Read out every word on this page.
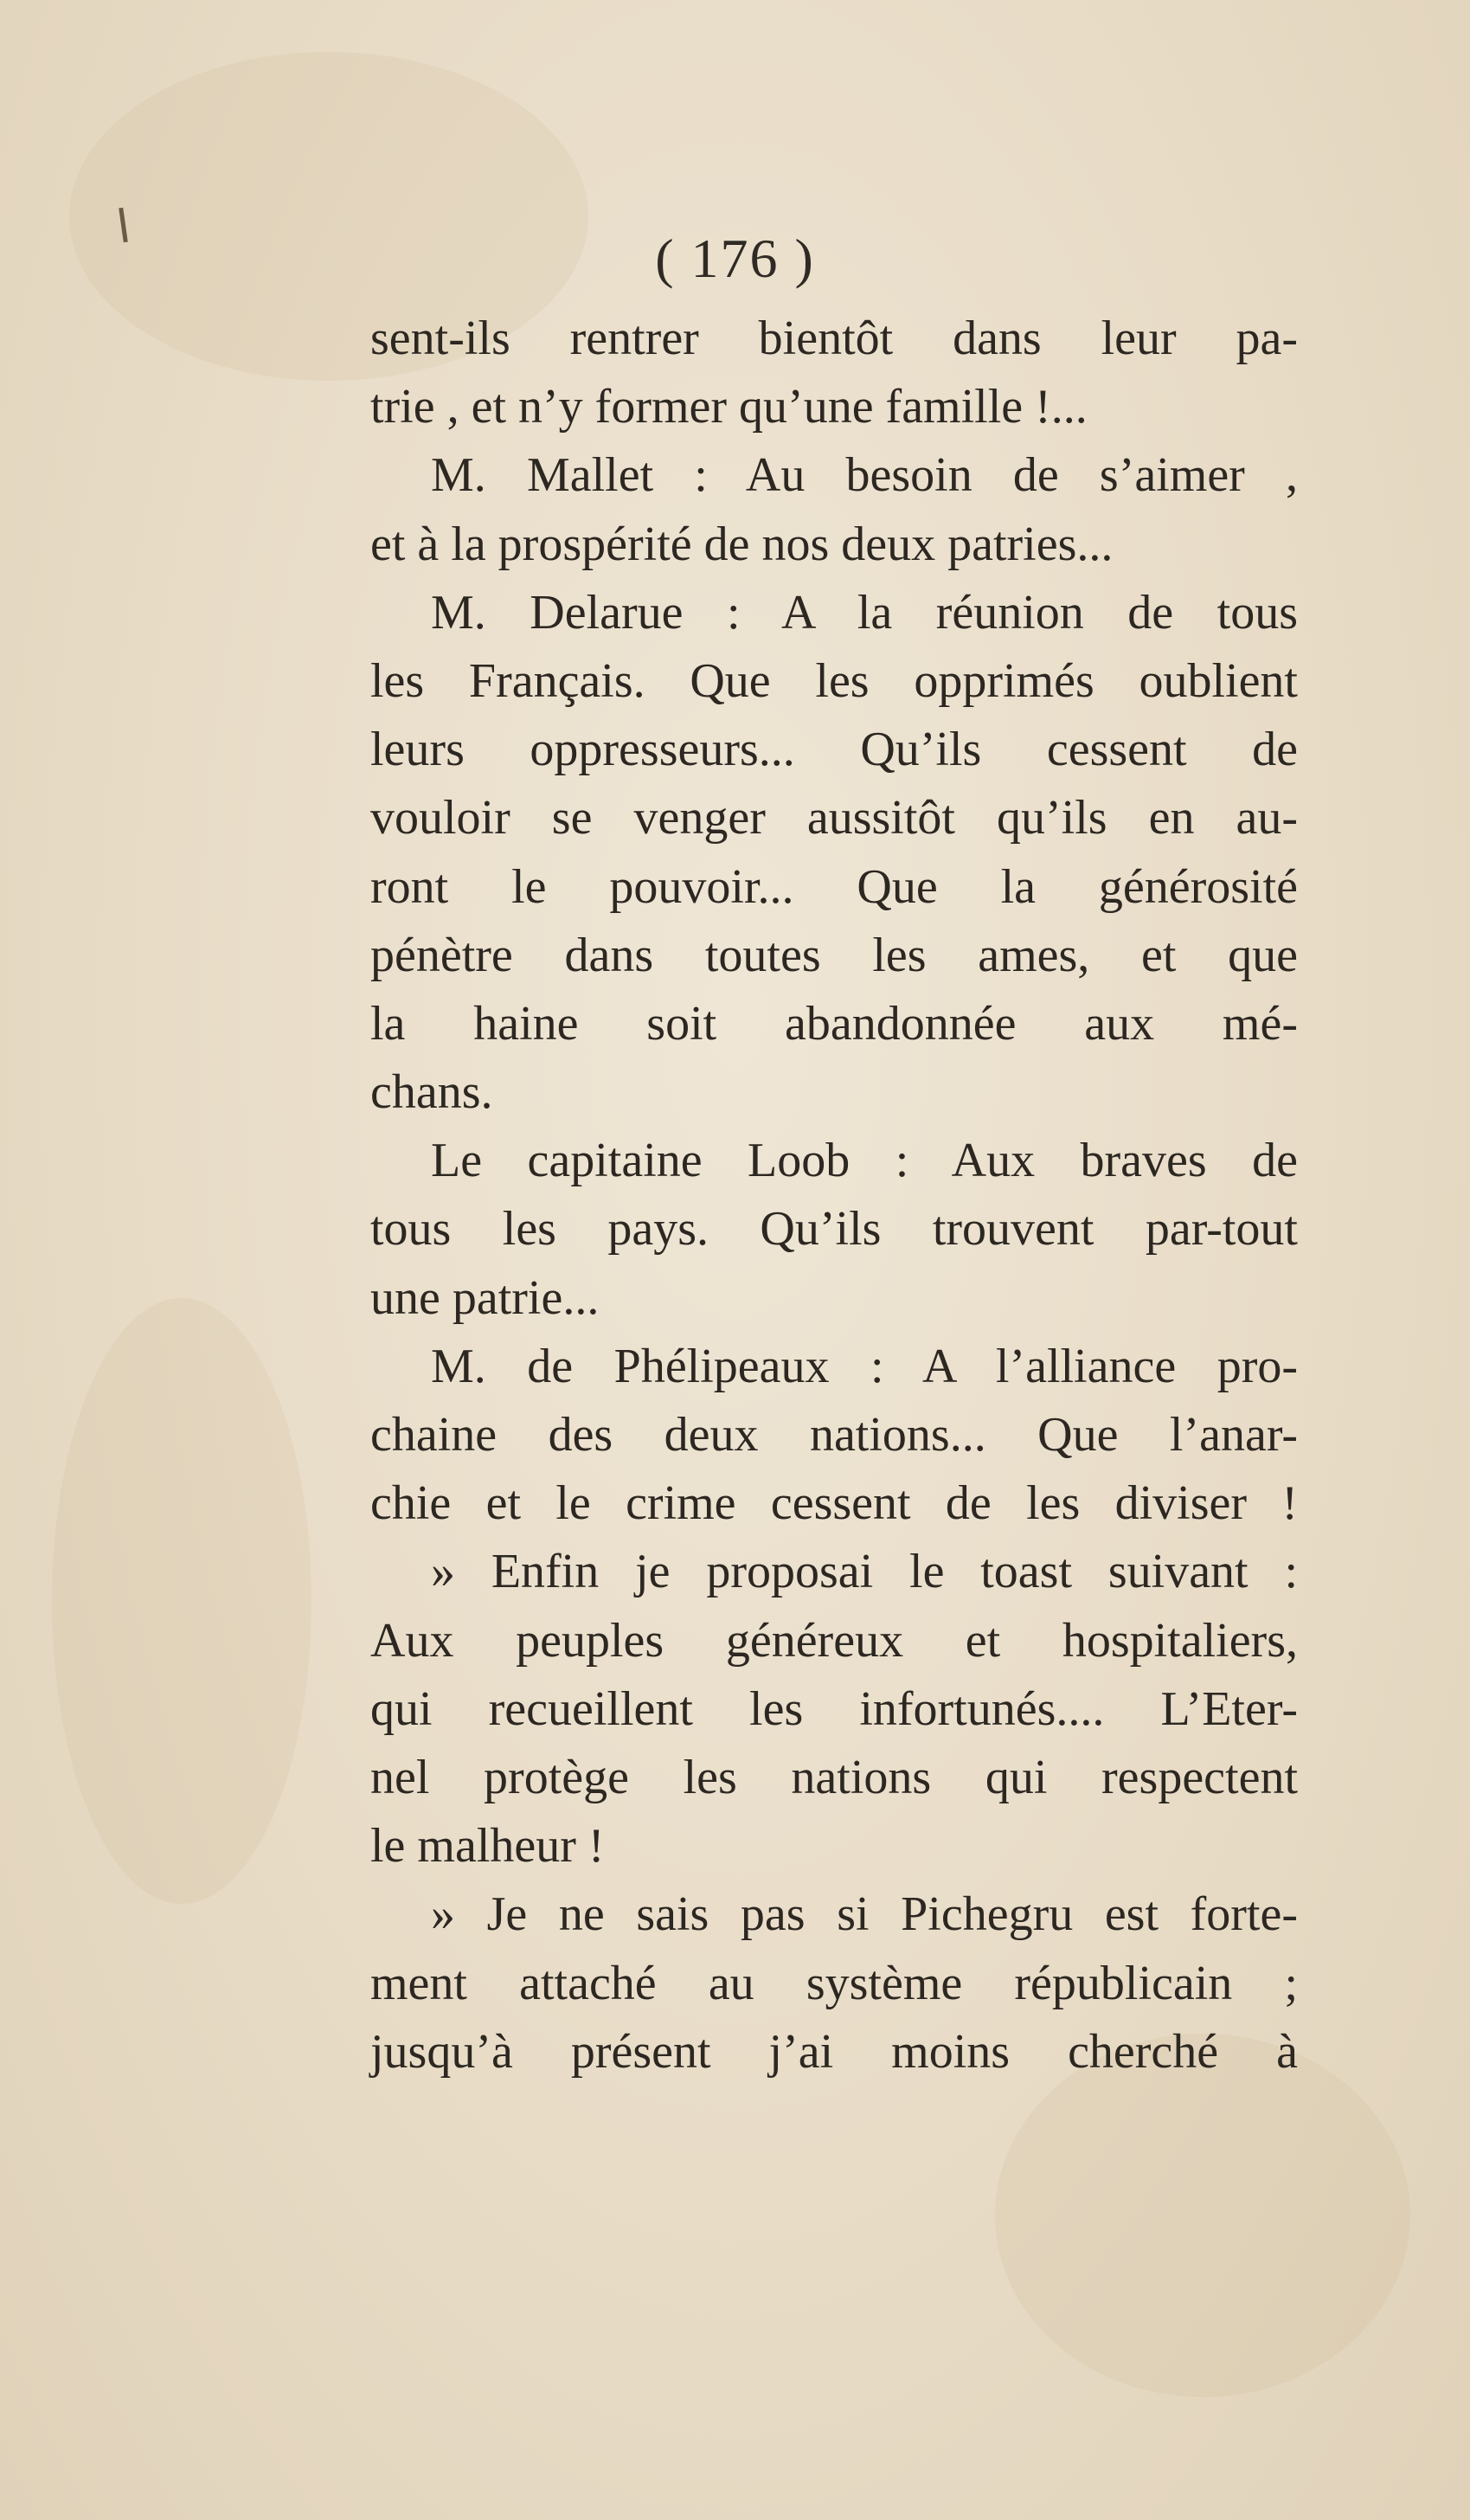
( 176 )
sent-ils rentrer bientôt dans leur pa-
trie , et n’y former qu’une famille !...
M. Mallet : Au besoin de s’aimer ,
et à la prospérité de nos deux patries...
M. Delarue : A la réunion de tous
les Français. Que les opprimés oublient
leurs oppresseurs... Qu’ils cessent de
vouloir se venger aussitôt qu’ils en au-
ront le pouvoir... Que la générosité
pénètre dans toutes les ames, et que
la haine soit abandonnée aux mé-
chans.
Le capitaine Loob : Aux braves de
tous les pays. Qu’ils trouvent par-tout
une patrie...
M. de Phélipeaux : A l’alliance pro-
chaine des deux nations... Que l’anar-
chie et le crime cessent de les diviser !
» Enfin je proposai le toast suivant :
Aux peuples généreux et hospitaliers,
qui recueillent les infortunés.... L’Eter-
nel protège les nations qui respectent
le malheur !
» Je ne sais pas si Pichegru est forte-
ment attaché au système républicain ;
jusqu’à présent j’ai moins cherché à
